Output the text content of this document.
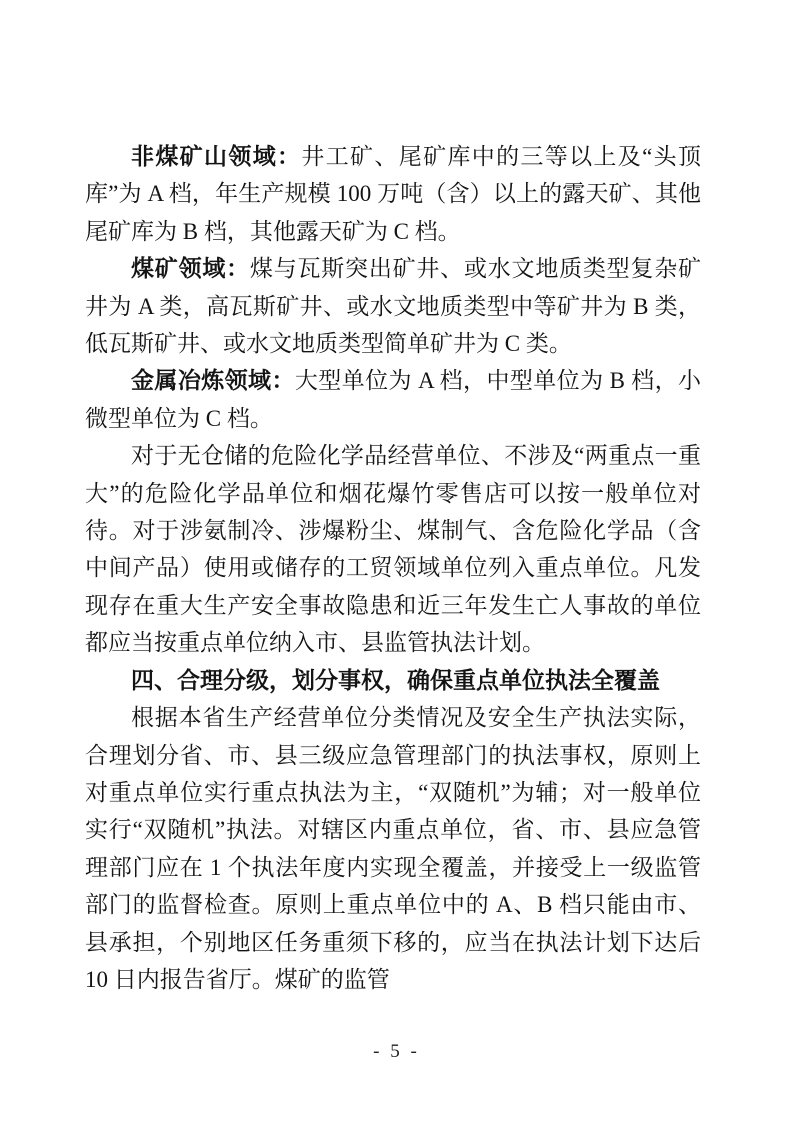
非煤矿山领域：井工矿、尾矿库中的三等以上及“头顶库”为 A 档，年生产规模 100 万吨（含）以上的露天矿、其他尾矿库为 B 档，其他露天矿为 C 档。

煤矿领域：煤与瓦斯突出矿井、或水文地质类型复杂矿井为 A 类，高瓦斯矿井、或水文地质类型中等矿井为 B 类，低瓦斯矿井、或水文地质类型简单矿井为 C 类。

金属冶炼领域：大型单位为 A 档，中型单位为 B 档，小微型单位为 C 档。

对于无仓储的危险化学品经营单位、不涉及“两重点一重大”的危险化学品单位和烟花爆竹零售店可以按一般单位对待。对于涉氨制冷、涉爆粉尘、煤制气、含危险化学品（含中间产品）使用或储存的工贸领域单位列入重点单位。凡发现存在重大生产安全事故隐患和近三年发生亡人事故的单位都应当按重点单位纳入市、县监管执法计划。

四、合理分级，划分事权，确保重点单位执法全覆盖

根据本省生产经营单位分类情况及安全生产执法实际，合理划分省、市、县三级应急管理部门的执法事权，原则上对重点单位实行重点执法为主，“双随机”为辅；对一般单位实行“双随机”执法。对辖区内重点单位，省、市、县应急管理部门应在 1 个执法年度内实现全覆盖，并接受上一级监管部门的监督检查。原则上重点单位中的 A、B 档只能由市、县承担，个别地区任务重须下移的，应当在执法计划下达后 10 日内报告省厅。煤矿的监管

- 5 -
